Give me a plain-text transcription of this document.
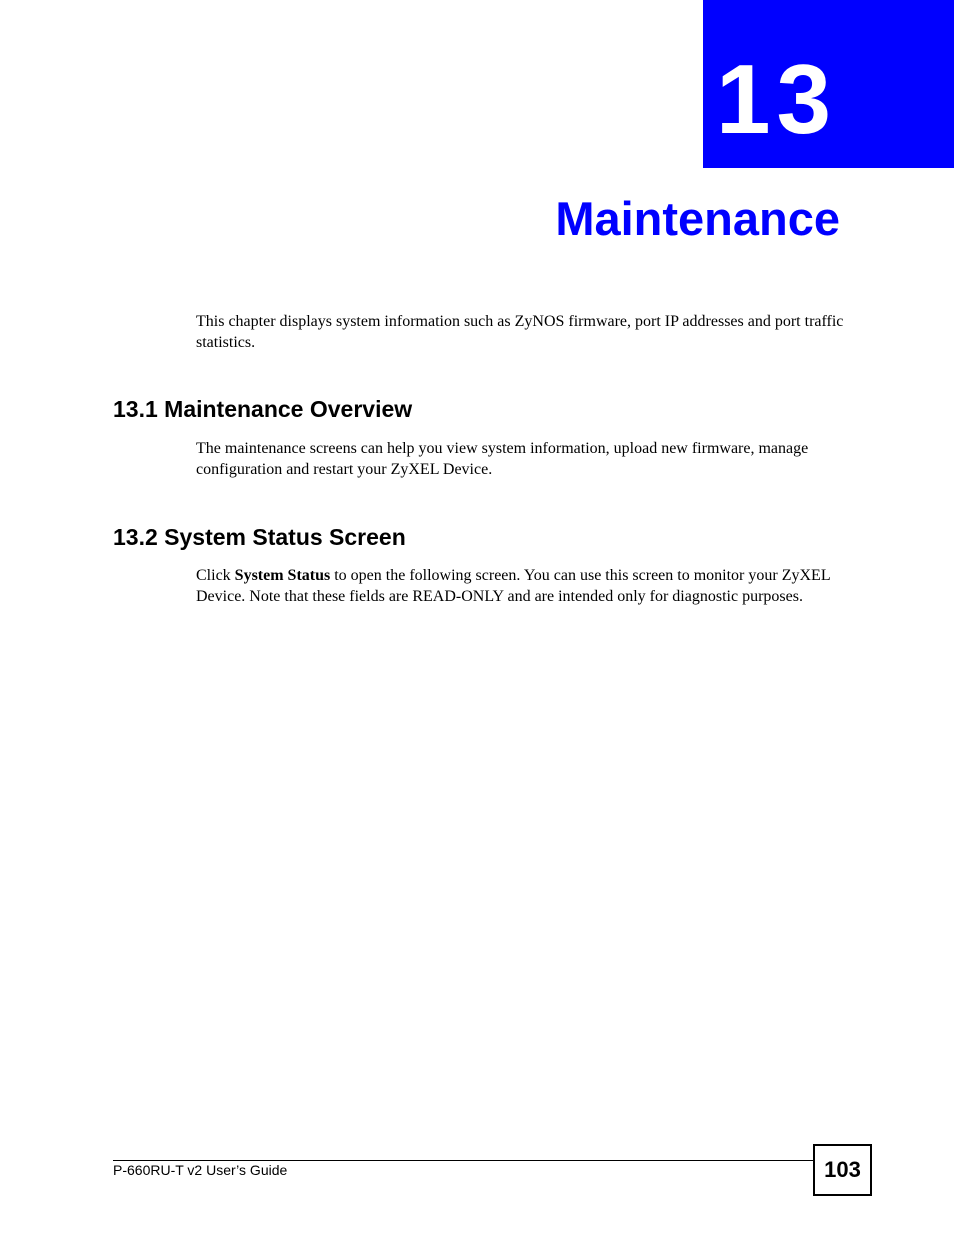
13
Maintenance

This chapter displays system information such as ZyNOS firmware, port IP addresses and port traffic statistics.

13.1 Maintenance Overview

The maintenance screens can help you view system information, upload new firmware, manage configuration and restart your ZyXEL Device.

13.2 System Status Screen

Click System Status to open the following screen. You can use this screen to monitor your ZyXEL Device. Note that these fields are READ-ONLY and are intended only for diagnostic purposes.

P-660RU-T v2 User’s Guide	103
